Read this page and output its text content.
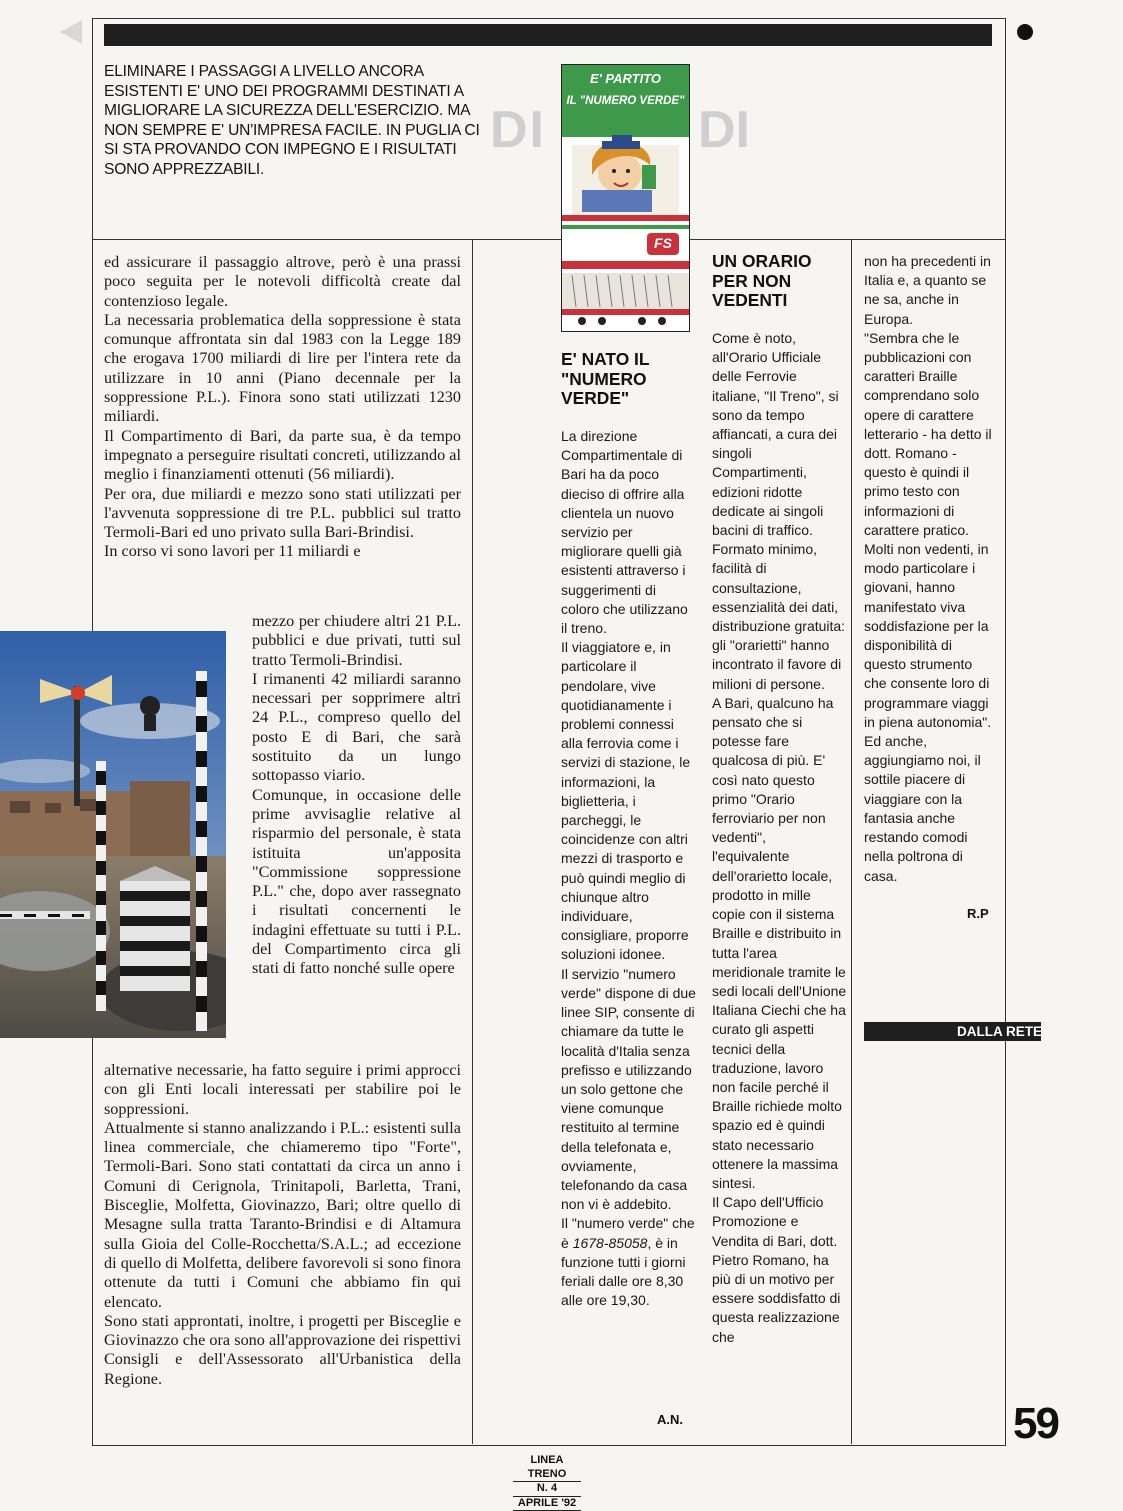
DI	DI
ELIMINARE I PASSAGGI A LIVELLO ANCORA ESISTENTI E' UNO DEI PROGRAMMI DESTINATI A MIGLIORARE LA SICUREZZA DELL'ESERCIZIO. MA NON SEMPRE E' UN'IMPRESA FACILE. IN PUGLIA CI SI STA PROVANDO CON IMPEGNO E I RISULTATI SONO APPREZZABILI.

ed assicurare il passaggio altrove, però è una prassi poco seguita per le notevoli difficoltà create dal contenzioso legale.

La necessaria problematica della soppressione è stata comunque affrontata sin dal 1983 con la Legge 189 che erogava 1700 miliardi di lire per l'intera rete da utilizzare in 10 anni (Piano decennale per la soppressione P.L.). Finora sono stati utilizzati 1230 miliardi.

Il Compartimento di Bari, da parte sua, è da tempo impegnato a perseguire risultati concreti, utilizzando al meglio i finanziamenti ottenuti (56 miliardi).

Per ora, due miliardi e mezzo sono stati utilizzati per l'avvenuta soppressione di tre P.L. pubblici sul tratto Termoli-Bari ed uno privato sulla Bari-Brindisi.

In corso vi sono lavori per 11 miliardi e

mezzo per chiudere altri 21 P.L. pubblici e due privati, tutti sul tratto Termoli-Brindisi.

I rimanenti 42 miliardi saranno necessari per sopprimere altri 24 P.L., compreso quello del posto E di Bari, che sarà sostituito da un lungo sottopasso viario.

Comunque, in occasione delle prime avvisaglie relative al risparmio del personale, è stata istituita un'apposita "Commissione soppressione P.L." che, dopo aver rassegnato i risultati concernenti le indagini effettuate su tutti i P.L. del Compartimento circa gli stati di fatto nonché sulle opere

alternative necessarie, ha fatto seguire i primi approcci con gli Enti locali interessati per stabilire poi le soppressioni.

Attualmente si stanno analizzando i P.L.: esistenti sulla linea commerciale, che chiameremo tipo "Forte", Termoli-Bari. Sono stati contattati da circa un anno i Comuni di Cerignola, Trinitapoli, Barletta, Trani, Bisceglie, Molfetta, Giovinazzo, Bari; oltre quello di Mesagne sulla tratta Taranto-Brindisi e di Altamura sulla Gioia del Colle-Rocchetta/S.A.L.; ad eccezione di quello di Molfetta, delibere favorevoli si sono finora ottenute da tutti i Comuni che abbiamo fin qui elencato.

Sono stati approntati, inoltre, i progetti per Bisceglie e Giovinazzo che ora sono all'approvazione dei rispettivi Consigli e dell'Assessorato all'Urbanistica della Regione.

E' PARTITO
IL "NUMERO VERDE"
FS
E' NATO IL
"NUMERO
VERDE"

La direzione Compartimentale di Bari ha da poco dieciso di offrire alla clientela un nuovo servizio per migliorare quelli già esistenti attraverso i suggerimenti di coloro che utilizzano il treno.

Il viaggiatore e, in particolare il pendolare, vive quotidianamente i problemi connessi alla ferrovia come i servizi di stazione, le informazioni, la biglietteria, i parcheggi, le coincidenze con altri mezzi di trasporto e può quindi meglio di chiunque altro individuare, consigliare, proporre soluzioni idonee.

Il servizio "numero verde" dispone di due linee SIP, consente di chiamare da tutte le località d'Italia senza prefisso e utilizzando un solo gettone che viene comunque restituito al termine della telefonata e, ovviamente, telefonando da casa non vi è addebito.

Il "numero verde" che è 1678-85058, è in funzione tutti i giorni feriali dalle ore 8,30 alle ore 19,30.

A.N.
UN ORARIO
PER NON
VEDENTI

Come è noto, all'Orario Ufficiale delle Ferrovie italiane, "Il Treno", si sono da tempo affiancati, a cura dei singoli Compartimenti, edizioni ridotte dedicate ai singoli bacini di traffico. Formato minimo, facilità di consultazione, essenzialità dei dati, distribuzione gratuita: gli "orarietti" hanno incontrato il favore di milioni di persone.

A Bari, qualcuno ha pensato che si potesse fare qualcosa di più. E' così nato questo primo "Orario ferroviario per non vedenti", l'equivalente dell'orarietto locale, prodotto in mille copie con il sistema Braille e distribuito in tutta l'area meridionale tramite le sedi locali dell'Unione Italiana Ciechi che ha curato gli aspetti tecnici della traduzione, lavoro non facile perché il Braille richiede molto spazio ed è quindi stato necessario ottenere la massima sintesi.

Il Capo dell'Ufficio Promozione e Vendita di Bari, dott. Pietro Romano, ha più di un motivo per essere soddisfatto di questa realizzazione che

non ha precedenti in Italia e, a quanto se ne sa, anche in Europa.

"Sembra che le pubblicazioni con caratteri Braille comprendano solo opere di carattere letterario - ha detto il dott. Romano - questo è quindi il primo testo con informazioni di carattere pratico. Molti non vedenti, in modo particolare i giovani, hanno manifestato viva soddisfazione per la disponibilità di questo strumento che consente loro di programmare viaggi in piena autonomia".

Ed anche, aggiungiamo noi, il sottile piacere di viaggiare con la fantasia anche restando comodi nella poltrona di casa.

R.P
DALLA RETE
59
LINEA TRENO
N. 4
APRILE '92
